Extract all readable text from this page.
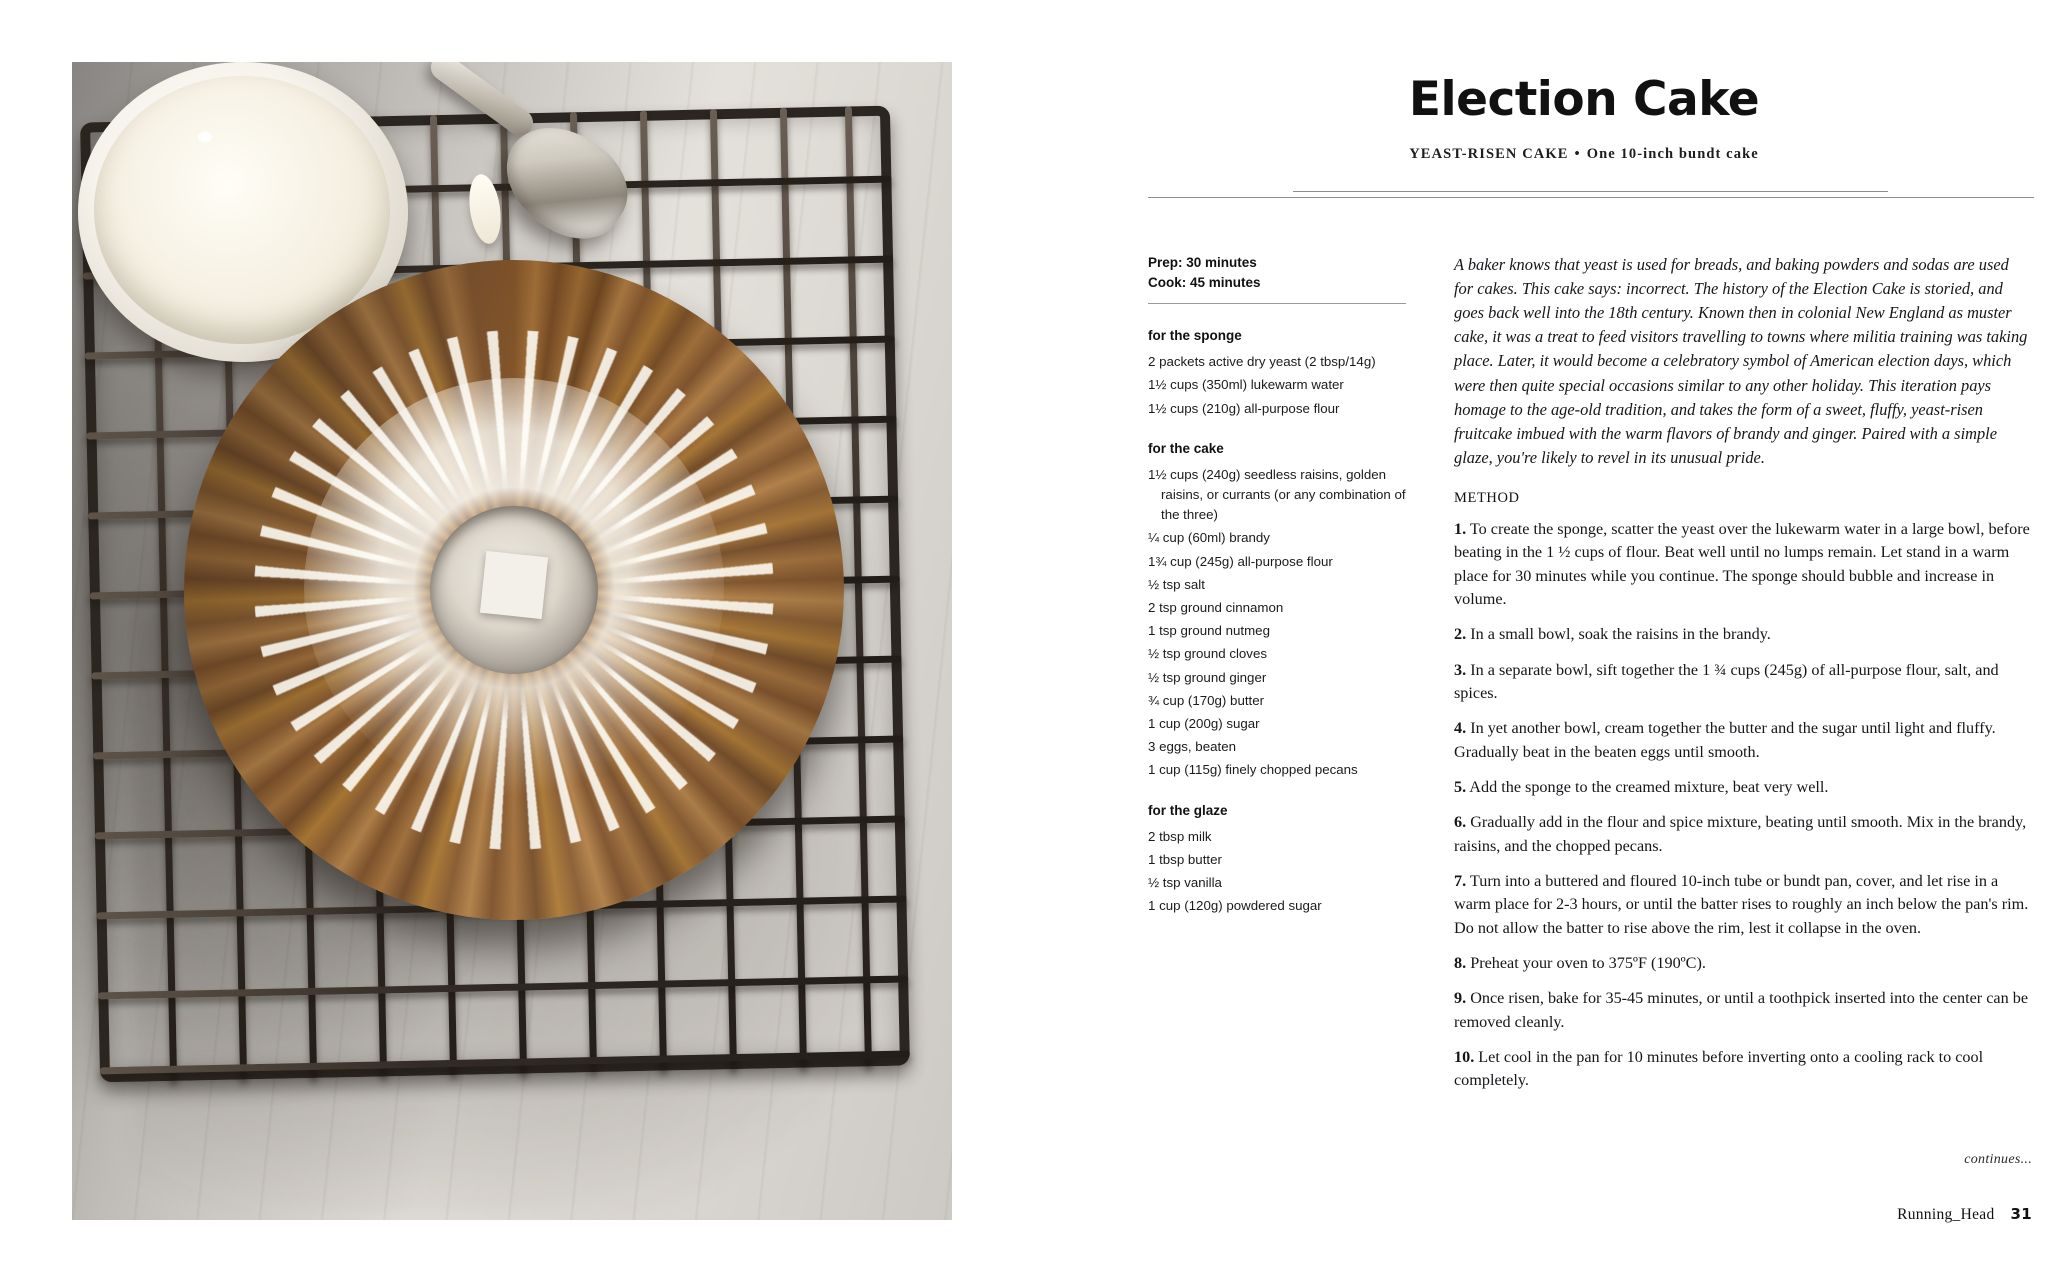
Election Cake
YEAST-RISEN CAKE • One 10-inch bundt cake
Prep: 30 minutes
Cook: 45 minutes
for the sponge
2 packets active dry yeast (2 tbsp/14g)
1½ cups (350ml) lukewarm water
1½ cups (210g) all-purpose flour
for the cake
1½ cups (240g) seedless raisins, golden
raisins, or currants (or any combination of
the three)
¼ cup (60ml) brandy
1¾ cup (245g) all-purpose flour
½ tsp salt
2 tsp ground cinnamon
1 tsp ground nutmeg
½ tsp ground cloves
½ tsp ground ginger
¾ cup (170g) butter
1 cup (200g) sugar
3 eggs, beaten
1 cup (115g) finely chopped pecans
for the glaze
2 tbsp milk
1 tbsp butter
½ tsp vanilla
1 cup (120g) powdered sugar

A baker knows that yeast is used for breads, and baking powders and sodas are used for cakes. This cake says: incorrect. The history of the Election Cake is storied, and goes back well into the 18th century. Known then in colonial New England as muster cake, it was a treat to feed visitors travelling to towns where militia training was taking place. Later, it would become a celebratory symbol of American election days, which were then quite special occasions similar to any other holiday. This iteration pays homage to the age-old tradition, and takes the form of a sweet, fluffy, yeast-risen fruitcake imbued with the warm flavors of brandy and ginger. Paired with a simple glaze, you're likely to revel in its unusual pride.

METHOD
1. To create the sponge, scatter the yeast over the lukewarm water in a large bowl, before beating in the 1 ½ cups of flour. Beat well until no lumps remain. Let stand in a warm place for 30 minutes while you continue. The sponge should bubble and increase in volume.
2. In a small bowl, soak the raisins in the brandy.
3. In a separate bowl, sift together the 1 ¾ cups (245g) of all-purpose flour, salt, and spices.
4. In yet another bowl, cream together the butter and the sugar until light and fluffy. Gradually beat in the beaten eggs until smooth.
5. Add the sponge to the creamed mixture, beat very well.
6. Gradually add in the flour and spice mixture, beating until smooth. Mix in the brandy, raisins, and the chopped pecans.
7. Turn into a buttered and floured 10-inch tube or bundt pan, cover, and let rise in a warm place for 2-3 hours, or until the batter rises to roughly an inch below the pan's rim. Do not allow the batter to rise above the rim, lest it collapse in the oven.
8. Preheat your oven to 375ºF (190ºC).
9. Once risen, bake for 35-45 minutes, or until a toothpick inserted into the center can be removed cleanly.
10. Let cool in the pan for 10 minutes before inverting onto a cooling rack to cool completely.
continues...
Running_Head 31
